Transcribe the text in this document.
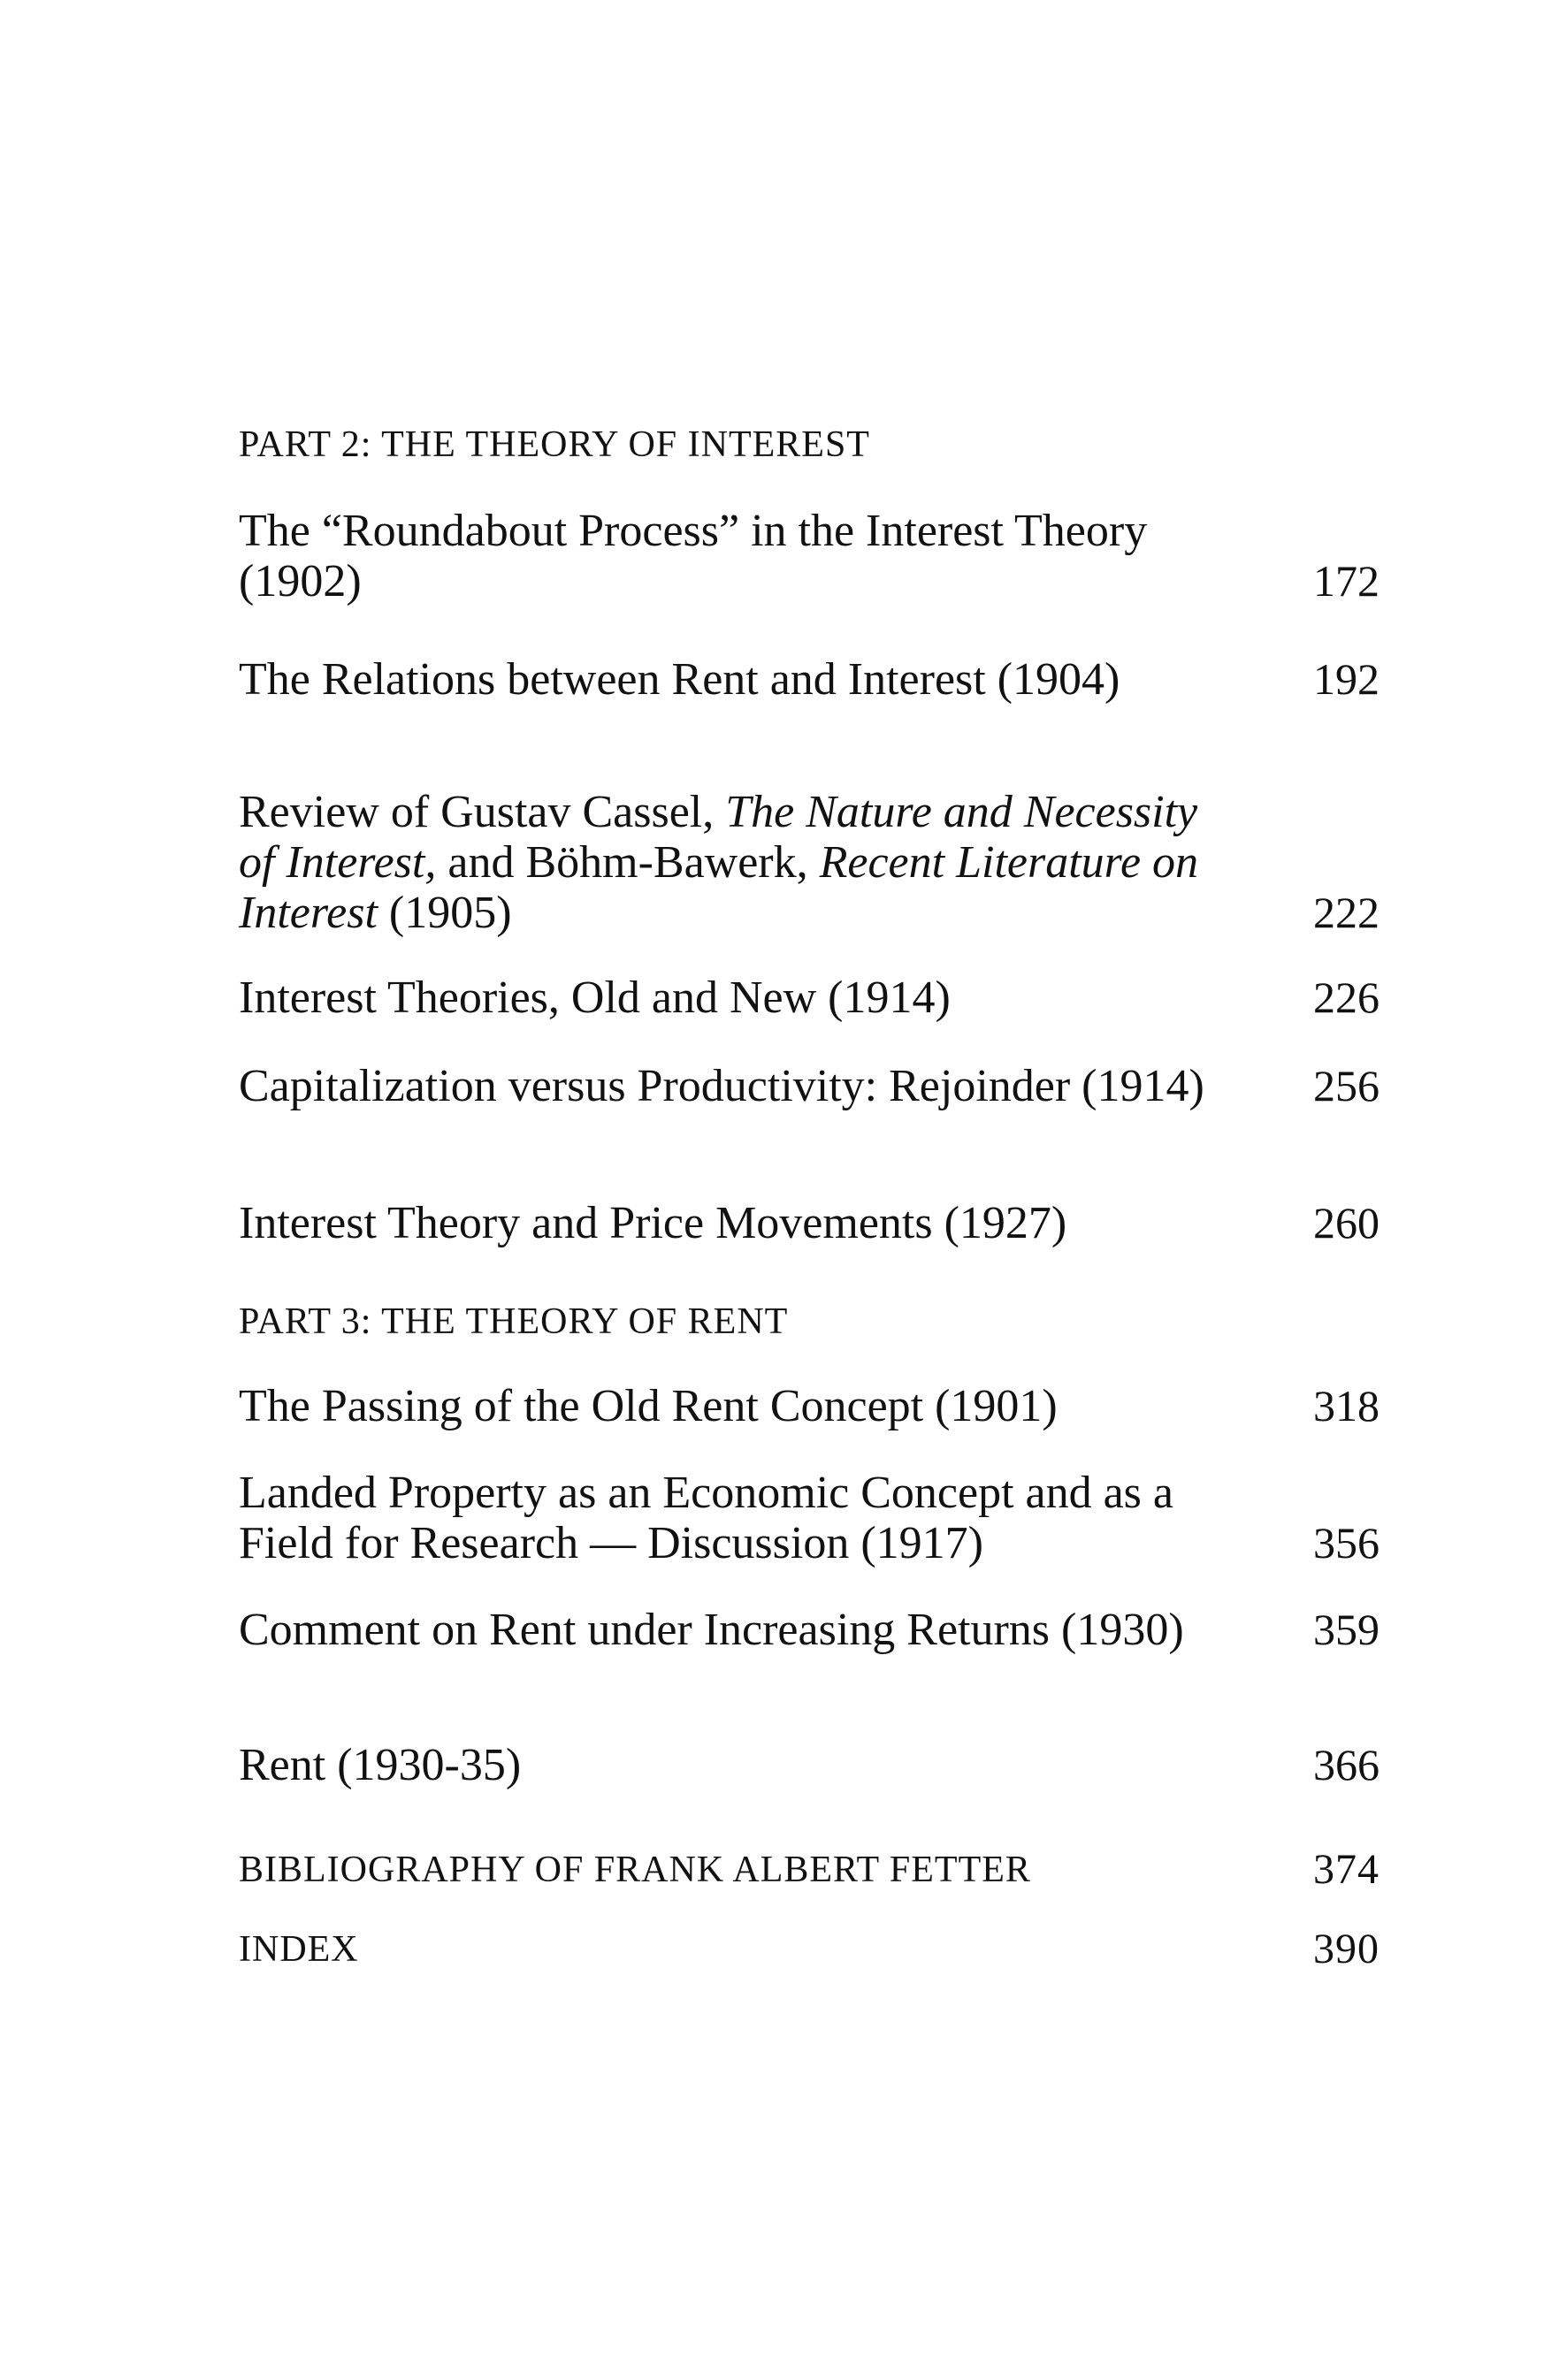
PART 2: THE THEORY OF INTEREST
The “Roundabout Process” in the Interest Theory (1902)	172
The Relations between Rent and Interest (1904)	192
Review of Gustav Cassel, The Nature and Necessity of Interest, and Böhm-Bawerk, Recent Literature on Interest (1905)	222
Interest Theories, Old and New (1914)	226
Capitalization versus Productivity: Rejoinder (1914) 256
Interest Theory and Price Movements (1927)	260
PART 3: THE THEORY OF RENT
The Passing of the Old Rent Concept (1901)	318
Landed Property as an Economic Concept and as a Field for Research — Discussion (1917)	356
Comment on Rent under Increasing Returns (1930)	359
Rent (1930-35)	366
BIBLIOGRAPHY OF FRANK ALBERT FETTER	374
INDEX	390
